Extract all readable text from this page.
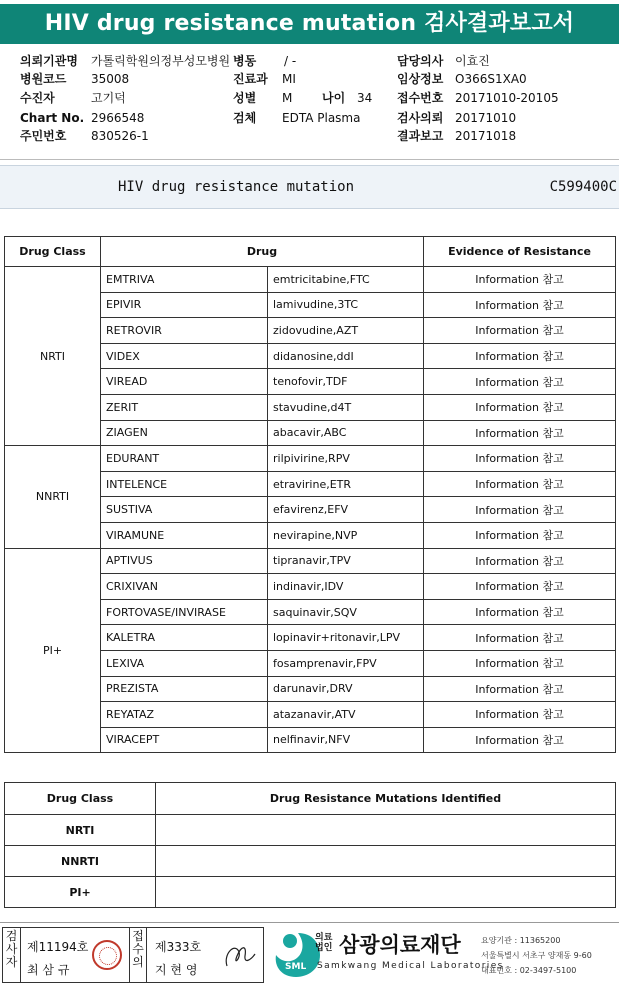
HIV drug resistance mutation 검사결과보고서
의뢰기관명 가톨릭학원의정부성모병원 병동 / -	담당의사 이효진
병원코드 35008	진료과 MI	임상정보 O366S1XA0
수진자	고기덕	성별 M 나이 34 접수번호 20171010-20105
Chart No. 2966548	검체 EDTA Plasma	검사의뢰 20171010
주민번호 830526-1	결과보고 20171018
HIV drug resistance mutation	C599400C
Drug Class	Drug		Evidence of Resistance
NRTI	EMTRIVA	emtricitabine,FTC	Information 참고
	EPIVIR	lamivudine,3TC	Information 참고
	RETROVIR	zidovudine,AZT	Information 참고
	VIDEX	didanosine,ddI	Information 참고
	VIREAD	tenofovir,TDF	Information 참고
	ZERIT	stavudine,d4T	Information 참고
	ZIAGEN	abacavir,ABC	Information 참고
NNRTI	EDURANT	rilpivirine,RPV	Information 참고
	INTELENCE	etravirine,ETR	Information 참고
	SUSTIVA	efavirenz,EFV	Information 참고
	VIRAMUNE	nevirapine,NVP	Information 참고
PI+	APTIVUS	tipranavir,TPV	Information 참고
	CRIXIVAN	indinavir,IDV	Information 참고
	FORTOVASE/INVIRASE	saquinavir,SQV	Information 참고
	KALETRA	lopinavir+ritonavir,LPV	Information 참고
	LEXIVA	fosamprenavir,FPV	Information 참고
	PREZISTA	darunavir,DRV	Information 참고
	REYATAZ	atazanavir,ATV	Information 참고
	VIRACEPT	nelfinavir,NFV	Information 참고
Drug Class	Drug Resistance Mutations Identified
NRTI	
NNRTI	
PI+	
검사자
제11194호
최 삼 규
접수의
제333호
지 현 영	SML
의료법인 삼광의료재단
Samkwang Medical Laboratories
요양기관 : 11365200
서울특별시 서초구 양재동 9-60
대표번호 : 02-3497-5100
